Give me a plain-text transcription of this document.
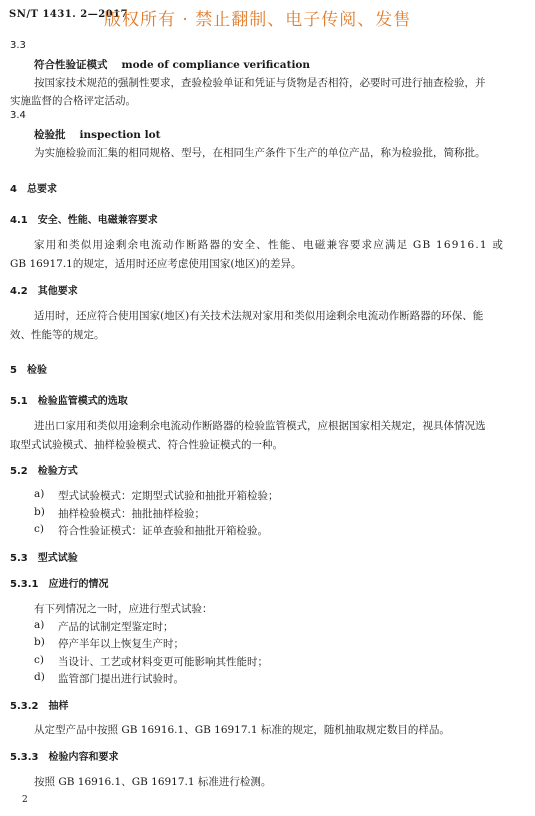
SN/T 1431. 2—2017
版权所有 · 禁止翻制、电子传阅、发售
3.3
符合性验证模式 mode of compliance verification
按国家技术规范的强制性要求，查验检验单证和凭证与货物是否相符，必要时可进行抽查检验，并
实施监督的合格评定活动。
3.4
检验批 inspection lot
为实施检验而汇集的相同规格、型号，在相同生产条件下生产的单位产品，称为检验批，简称批。
4　总要求
4.1　安全、性能、电磁兼容要求
家用和类似用途剩余电流动作断路器的安全、性能、电磁兼容要求应满足 GB 16916.1 或
GB 16917.1的规定，适用时还应考虑使用国家(地区)的差异。
4.2　其他要求
适用时，还应符合使用国家(地区)有关技术法规对家用和类似用途剩余电流动作断路器的环保、能
效、性能等的规定。
5　检验
5.1　检验监管模式的选取
进出口家用和类似用途剩余电流动作断路器的检验监管模式，应根据国家相关规定，视具体情况选
取型式试验模式、抽样检验模式、符合性验证模式的一种。
5.2　检验方式
a) 型式试验模式：定期型式试验和抽批开箱检验；
b) 抽样检验模式：抽批抽样检验；
c) 符合性验证模式：证单查验和抽批开箱检验。
5.3　型式试验
5.3.1　应进行的情况
有下列情况之一时，应进行型式试验：
a) 产品的试制定型鉴定时；
b) 停产半年以上恢复生产时；
c) 当设计、工艺或材料变更可能影响其性能时；
d) 监管部门提出进行试验时。
5.3.2　抽样
从定型产品中按照 GB 16916.1、GB 16917.1 标准的规定，随机抽取规定数目的样品。
5.3.3　检验内容和要求
按照 GB 16916.1、GB 16917.1 标准进行检测。
2
